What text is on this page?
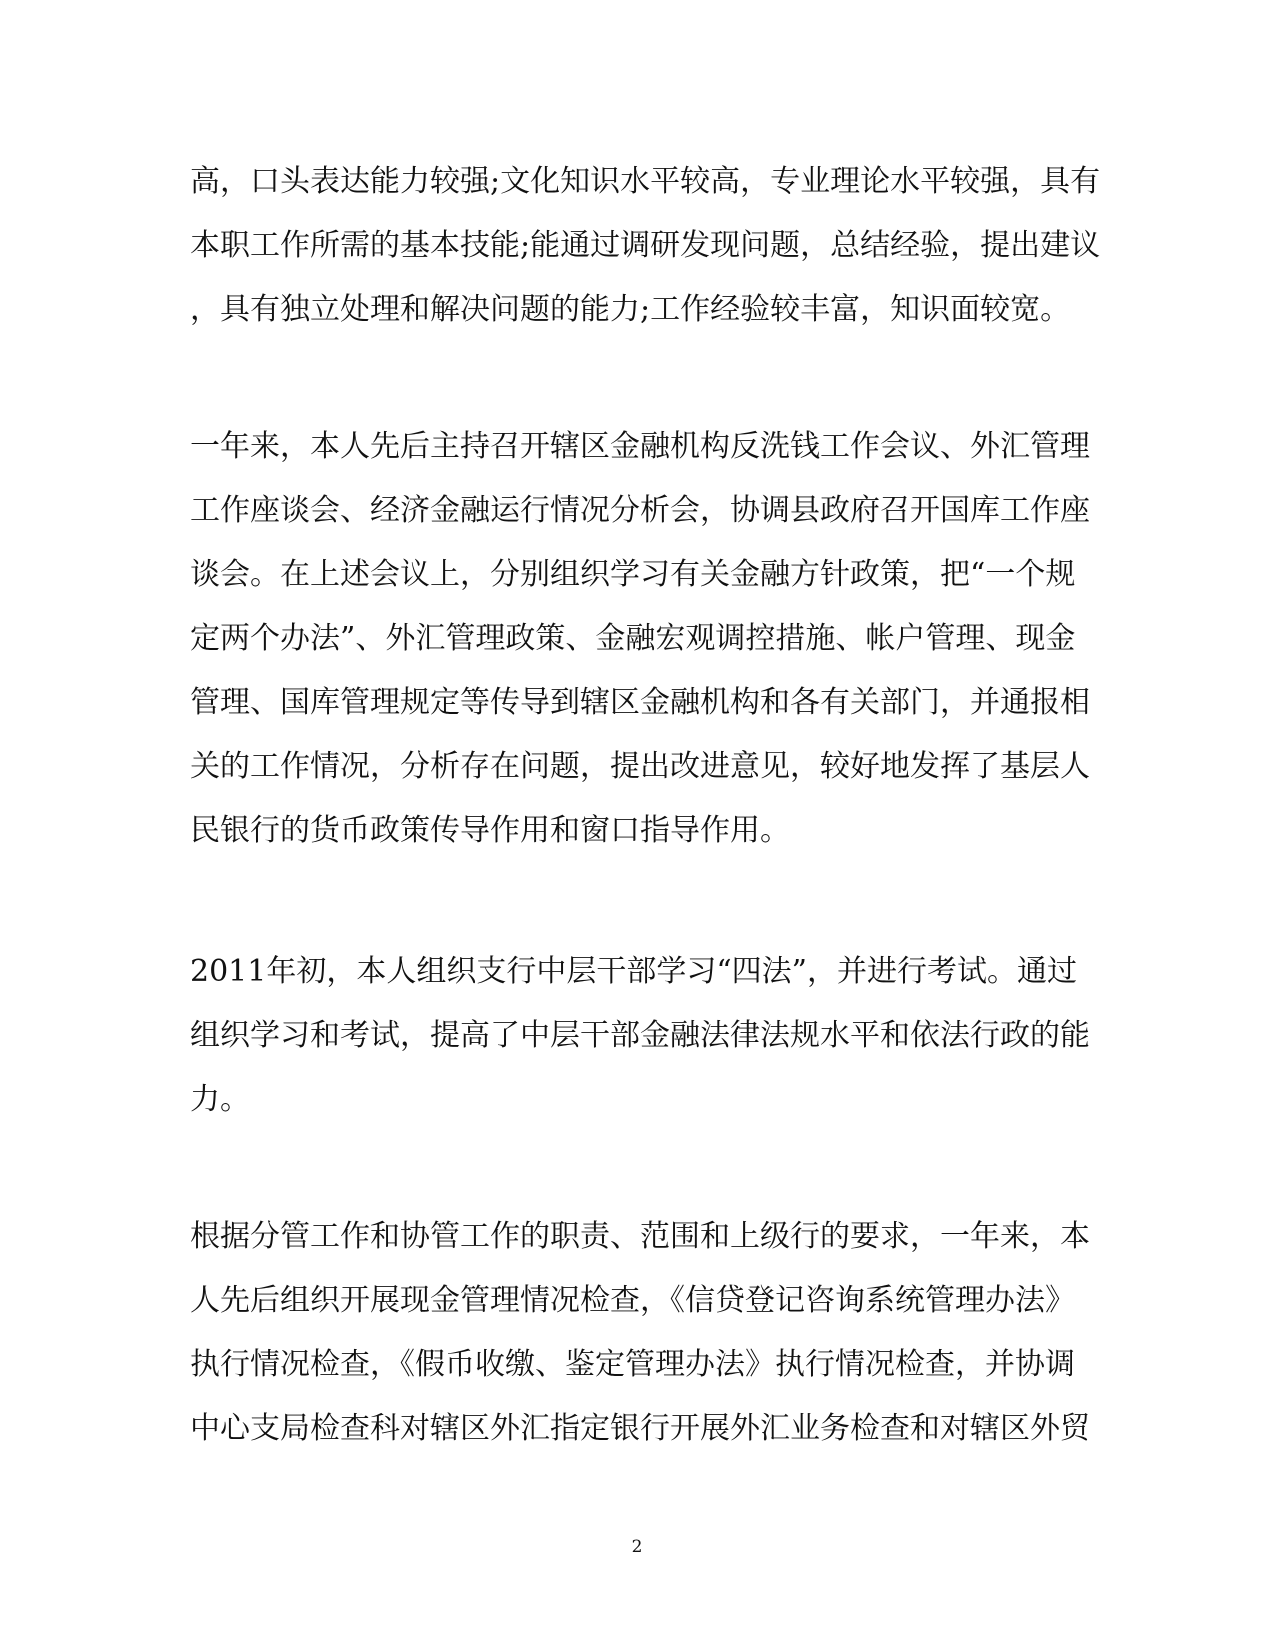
高，口头表达能力较强;文化知识水平较高，专业理论水平较强，具有
本职工作所需的基本技能;能通过调研发现问题，总结经验，提出建议
，具有独立处理和解决问题的能力;工作经验较丰富，知识面较宽。
一年来，本人先后主持召开辖区金融机构反洗钱工作会议、外汇管理
工作座谈会、经济金融运行情况分析会，协调县政府召开国库工作座
谈会。在上述会议上，分别组织学习有关金融方针政策，把“一个规
定两个办法”、外汇管理政策、金融宏观调控措施、帐户管理、现金
管理、国库管理规定等传导到辖区金融机构和各有关部门，并通报相
关的工作情况，分析存在问题，提出改进意见，较好地发挥了基层人
民银行的货币政策传导作用和窗口指导作用。
2011年初，本人组织支行中层干部学习“四法”，并进行考试。通过
组织学习和考试，提高了中层干部金融法律法规水平和依法行政的能
力。
根据分管工作和协管工作的职责、范围和上级行的要求，一年来，本
人先后组织开展现金管理情况检查，《信贷登记咨询系统管理办法》
执行情况检查，《假币收缴、鉴定管理办法》执行情况检查，并协调
中心支局检查科对辖区外汇指定银行开展外汇业务检查和对辖区外贸
2
